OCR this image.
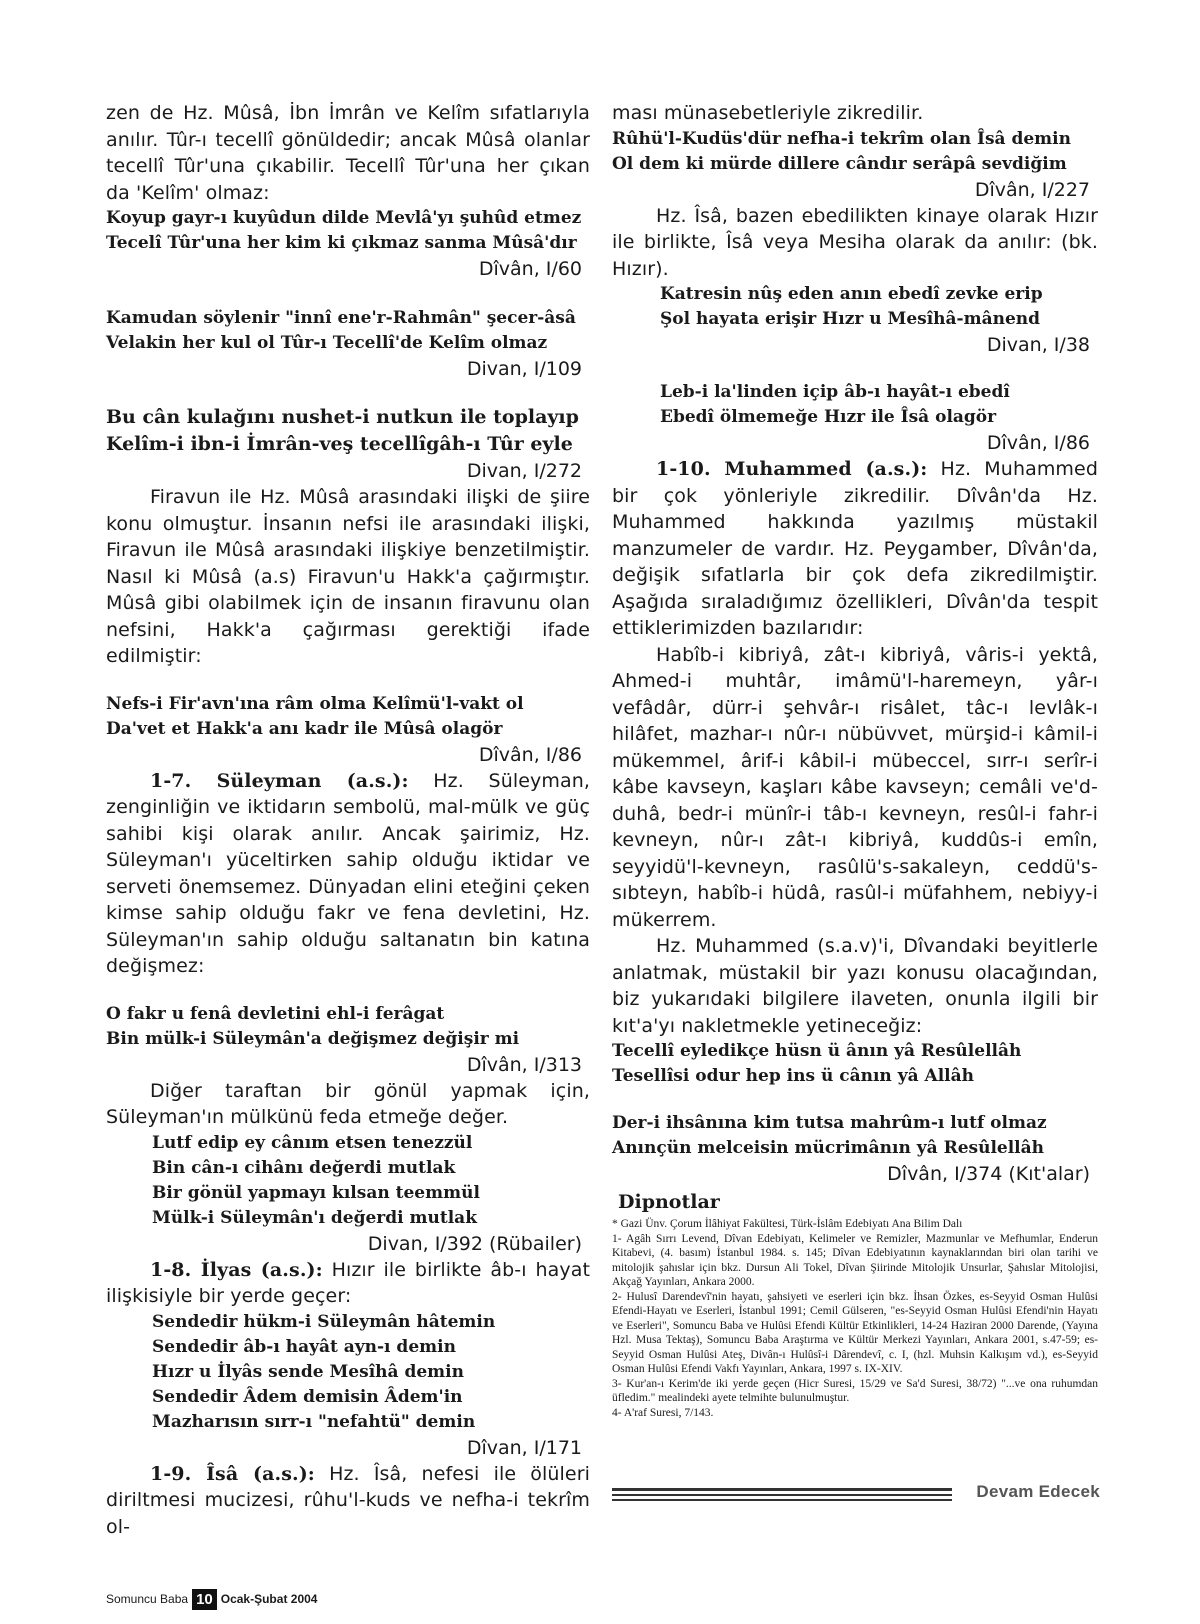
zen de Hz. Mûsâ, İbn İmrân ve Kelîm sıfatlarıyla anılır. Tûr-ı tecellî gönüldedir; ancak Mûsâ olanlar tecellî Tûr'una çıkabilir. Tecellî Tûr'una her çıkan da 'Kelîm' olmaz:

Koyup gayr-ı kuyûdun dilde Mevlâ'yı şuhûd etmez

Tecelî Tûr'una her kim ki çıkmaz sanma Mûsâ'dır

Dîvân, I/60

Kamudan söylenir "innî ene'r-Rahmân" şecer-âsâ

Velakin her kul ol Tûr-ı Tecellî'de Kelîm olmaz

Divan, I/109

Bu cân kulağını nushet-i nutkun ile toplayıp

Kelîm-i ibn-i İmrân-veş tecellîgâh-ı Tûr eyle

Divan, I/272

Firavun ile Hz. Mûsâ arasındaki ilişki de şiire konu olmuştur. İnsanın nefsi ile arasındaki ilişki, Firavun ile Mûsâ arasındaki ilişkiye benzetilmiştir. Nasıl ki Mûsâ (a.s) Firavun'u Hakk'a çağırmıştır. Mûsâ gibi olabilmek için de insanın firavunu olan nefsini, Hakk'a çağırması gerektiği ifade edilmiştir:

Nefs-i Fir'avn'ına râm olma Kelîmü'l-vakt ol

Da'vet et Hakk'a anı kadr ile Mûsâ olagör

Dîvân, I/86

1-7. Süleyman (a.s.): Hz. Süleyman, zenginliğin ve iktidarın sembolü, mal-mülk ve güç sahibi kişi olarak anılır. Ancak şairimiz, Hz. Süleyman'ı yüceltirken sahip olduğu iktidar ve serveti önemsemez. Dünyadan elini eteğini çeken kimse sahip olduğu fakr ve fena devletini, Hz. Süleyman'ın sahip olduğu saltanatın bin katına değişmez:

O fakr u fenâ devletini ehl-i ferâgat

Bin mülk-i Süleymân'a değişmez değişir mi

Dîvân, I/313

Diğer taraftan bir gönül yapmak için, Süleyman'ın mülkünü feda etmeğe değer.

Lutf edip ey cânım etsen tenezzül

Bin cân-ı cihânı değerdi mutlak

Bir gönül yapmayı kılsan teemmül

Mülk-i Süleymân'ı değerdi mutlak

Divan, I/392 (Rübailer)

1-8. İlyas (a.s.): Hızır ile birlikte âb-ı hayat ilişkisiyle bir yerde geçer:

Sendedir hükm-i Süleymân hâtemin

Sendedir âb-ı hayât ayn-ı demin

Hızr u İlyâs sende Mesîhâ demin

Sendedir Âdem demisin Âdem'in

Mazharısın sırr-ı "nefahtü" demin

Dîvan, I/171

1-9. Îsâ (a.s.): Hz. Îsâ, nefesi ile ölüleri diriltmesi mucizesi, rûhu'l-kuds ve nefha-i tekrîm ol-

ması münasebetleriyle zikredilir.

Rûhü'l-Kudüs'dür nefha-i tekrîm olan Îsâ demin

Ol dem ki mürde dillere cândır serâpâ sevdiğim

Dîvân, I/227

Hz. Îsâ, bazen ebedilikten kinaye olarak Hızır ile birlikte, Îsâ veya Mesiha olarak da anılır: (bk. Hızır).

Katresin nûş eden anın ebedî zevke erip

Şol hayata erişir Hızr u Mesîhâ-mânend

Divan, I/38

Leb-i la'linden içip âb-ı hayât-ı ebedî

Ebedî ölmemeğe Hızr ile Îsâ olagör

Dîvân, I/86

1-10. Muhammed (a.s.): Hz. Muhammed bir çok yönleriyle zikredilir. Dîvân'da Hz. Muhammed hakkında yazılmış müstakil manzumeler de vardır. Hz. Peygamber, Dîvân'da, değişik sıfatlarla bir çok defa zikredilmiştir. Aşağıda sıraladığımız özellikleri, Dîvân'da tespit ettiklerimizden bazılarıdır:

Habîb-i kibriyâ, zât-ı kibriyâ, vâris-i yektâ, Ahmed-i muhtâr, imâmü'l-haremeyn, yâr-ı vefâdâr, dürr-i şehvâr-ı risâlet, tâc-ı levlâk-ı hilâfet, mazhar-ı nûr-ı nübüvvet, mürşid-i kâmil-i mükemmel, ârif-i kâbil-i mübeccel, sırr-ı serîr-i kâbe kavseyn, kaşları kâbe kavseyn; cemâli ve'd-duhâ, bedr-i münîr-i tâb-ı kevneyn, resûl-i fahr-i kevneyn, nûr-ı zât-ı kibriyâ, kuddûs-i emîn, seyyidü'l-kevneyn, rasûlü's-sakaleyn, ceddü's-sıbteyn, habîb-i hüdâ, rasûl-i müfahhem, nebiyy-i mükerrem.

Hz. Muhammed (s.a.v)'i, Dîvandaki beyitlerle anlatmak, müstakil bir yazı konusu olacağından, biz yukarıdaki bilgilere ilaveten, onunla ilgili bir kıt'a'yı nakletmekle yetineceğiz:

Tecellî eyledikçe hüsn ü ânın yâ Resûlellâh

Tesellîsi odur hep ins ü cânın yâ Allâh

Der-i ihsânına kim tutsa mahrûm-ı lutf olmaz

Anınçün melceisin mücrimânın yâ Resûlellâh

Dîvân, I/374 (Kıt'alar)

Dipnotlar

* Gazi Ünv. Çorum İlâhiyat Fakültesi, Türk-İslâm Edebiyatı Ana Bilim Dalı

1- Agâh Sırrı Levend, Dîvan Edebiyatı, Kelimeler ve Remizler, Mazmunlar ve Mefhumlar, Enderun Kitabevi, (4. basım) İstanbul 1984. s. 145; Dîvan Edebiyatının kaynaklarından biri olan tarihi ve mitolojik şahıslar için bkz. Dursun Ali Tokel, Dîvan Şiirinde Mitolojik Unsurlar, Şahıslar Mitolojisi, Akçağ Yayınları, Ankara 2000.

2- Hulusî Darendevî'nin hayatı, şahsiyeti ve eserleri için bkz. İhsan Özkes, es-Seyyid Osman Hulûsi Efendi-Hayatı ve Eserleri, İstanbul 1991; Cemil Gülseren, "es-Seyyid Osman Hulûsi Efendi'nin Hayatı ve Eserleri", Somuncu Baba ve Hulûsi Efendi Kültür Etkinlikleri, 14-24 Haziran 2000 Darende, (Yayına Hzl. Musa Tektaş), Somuncu Baba Araştırma ve Kültür Merkezi Yayınları, Ankara 2001, s.47-59; es-Seyyid Osman Hulûsi Ateş, Divân-ı Hulûsî-i Dârendevî, c. I, (hzl. Muhsin Kalkışım vd.), es-Seyyid Osman Hulûsi Efendi Vakfı Yayınları, Ankara, 1997 s. IX-XIV.

3- Kur'an-ı Kerim'de iki yerde geçen (Hicr Suresi, 15/29 ve Sa'd Suresi, 38/72) "...ve ona ruhumdan üfledim." mealindeki ayete telmihte bulunulmuştur.

4- A'raf Suresi, 7/143.

Devam Edecek
Somuncu Baba 10 Ocak-Şubat 2004
